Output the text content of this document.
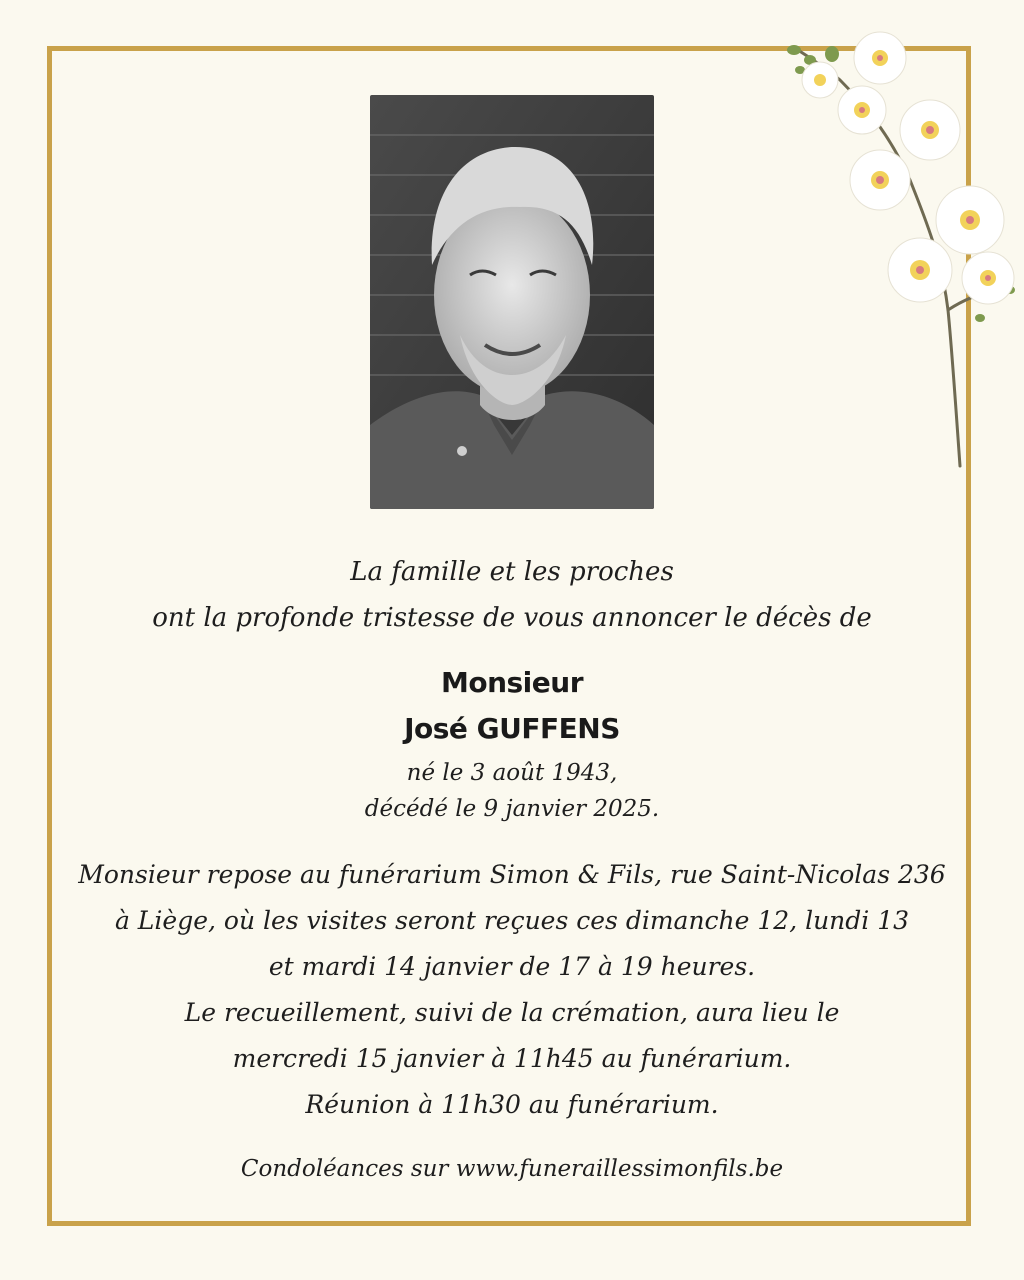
La famille et les proches
ont la profonde tristesse de vous annoncer le décès de
Monsieur
José GUFFENS
né le 3 août 1943,
décédé le 9 janvier 2025.
Monsieur repose au funérarium Simon & Fils, rue Saint-Nicolas 236
à Liège, où les visites seront reçues ces dimanche 12, lundi 13
et mardi 14 janvier de 17 à 19 heures.
Le recueillement, suivi de la crémation, aura lieu le
mercredi 15 janvier à 11h45 au funérarium.
Réunion à 11h30 au funérarium.
Condoléances sur www.funeraillessimonfils.be
